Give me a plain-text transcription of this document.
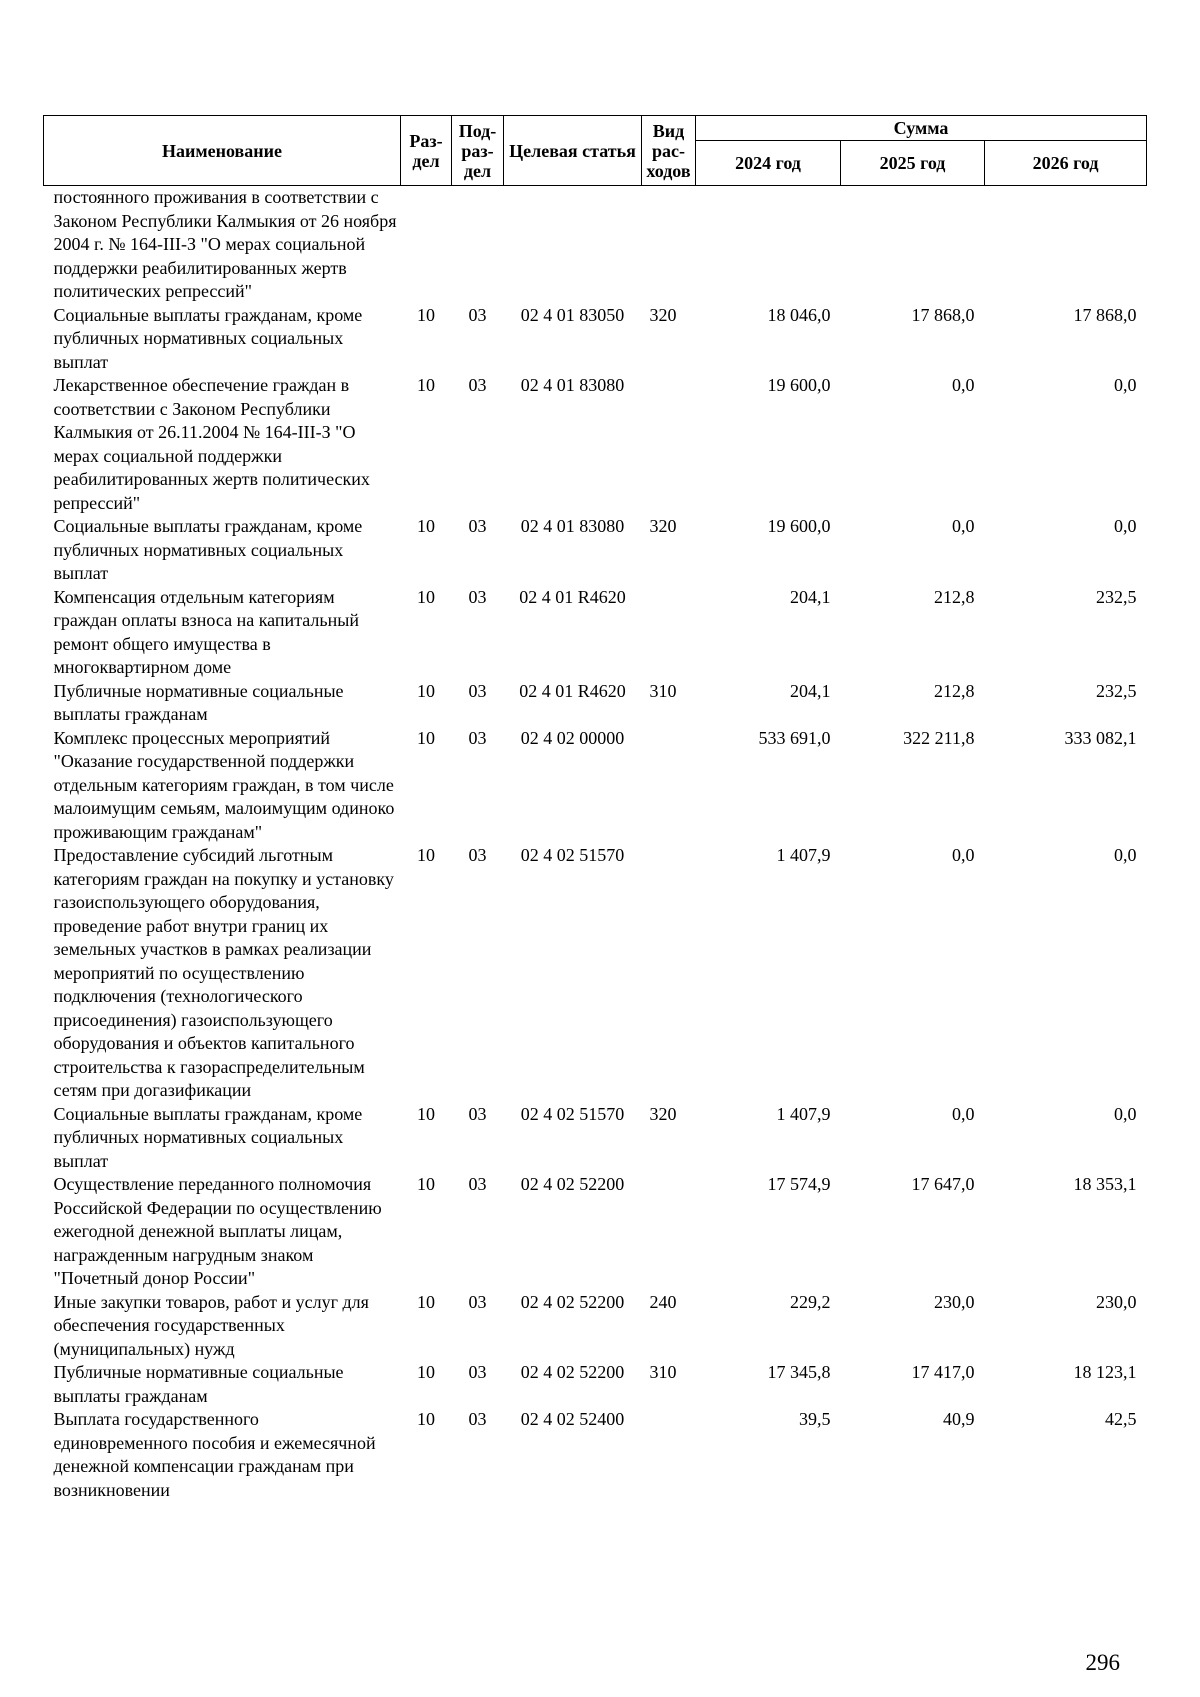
Наименование	Раз-дел	Под-раз-дел	Целевая статья	Вид рас-ходов	Сумма		
					2024 год	2025 год	2026 год
постоянного проживания в соответствии с Законом Республики Калмыкия от 26 ноября 2004 г. № 164-III-З "О мерах социальной поддержки реабилитированных жертв политических репрессий"							
Социальные выплаты гражданам, кроме публичных нормативных социальных выплат	10	03	02 4 01 83050	320	18 046,0	17 868,0	17 868,0
Лекарственное обеспечение граждан в соответствии с Законом Республики Калмыкия от 26.11.2004 № 164-III-З "О мерах социальной поддержки реабилитированных жертв политических репрессий"	10	03	02 4 01 83080		19 600,0	0,0	0,0
Социальные выплаты гражданам, кроме публичных нормативных социальных выплат	10	03	02 4 01 83080	320	19 600,0	0,0	0,0
Компенсация отдельным категориям граждан оплаты взноса на капитальный ремонт общего имущества в многоквартирном доме	10	03	02 4 01 R4620		204,1	212,8	232,5
Публичные нормативные социальные выплаты гражданам	10	03	02 4 01 R4620	310	204,1	212,8	232,5
Комплекс процессных мероприятий "Оказание государственной поддержки отдельным категориям граждан, в том числе малоимущим семьям, малоимущим одиноко проживающим гражданам"	10	03	02 4 02 00000		533 691,0	322 211,8	333 082,1
Предоставление субсидий льготным категориям граждан на покупку и установку газоиспользующего оборудования, проведение работ внутри границ их земельных участков в рамках реализации мероприятий по осуществлению подключения (технологического присоединения) газоиспользующего оборудования и объектов капитального строительства к газораспределительным сетям при догазификации	10	03	02 4 02 51570		1 407,9	0,0	0,0
Социальные выплаты гражданам, кроме публичных нормативных социальных выплат	10	03	02 4 02 51570	320	1 407,9	0,0	0,0
Осуществление переданного полномочия Российской Федерации по осуществлению ежегодной денежной выплаты лицам, награжденным нагрудным знаком "Почетный донор России"	10	03	02 4 02 52200		17 574,9	17 647,0	18 353,1
Иные закупки товаров, работ и услуг для обеспечения государственных (муниципальных) нужд	10	03	02 4 02 52200	240	229,2	230,0	230,0
Публичные нормативные социальные выплаты гражданам	10	03	02 4 02 52200	310	17 345,8	17 417,0	18 123,1
Выплата государственного единовременного пособия и ежемесячной денежной компенсации гражданам при возникновении	10	03	02 4 02 52400		39,5	40,9	42,5
296
